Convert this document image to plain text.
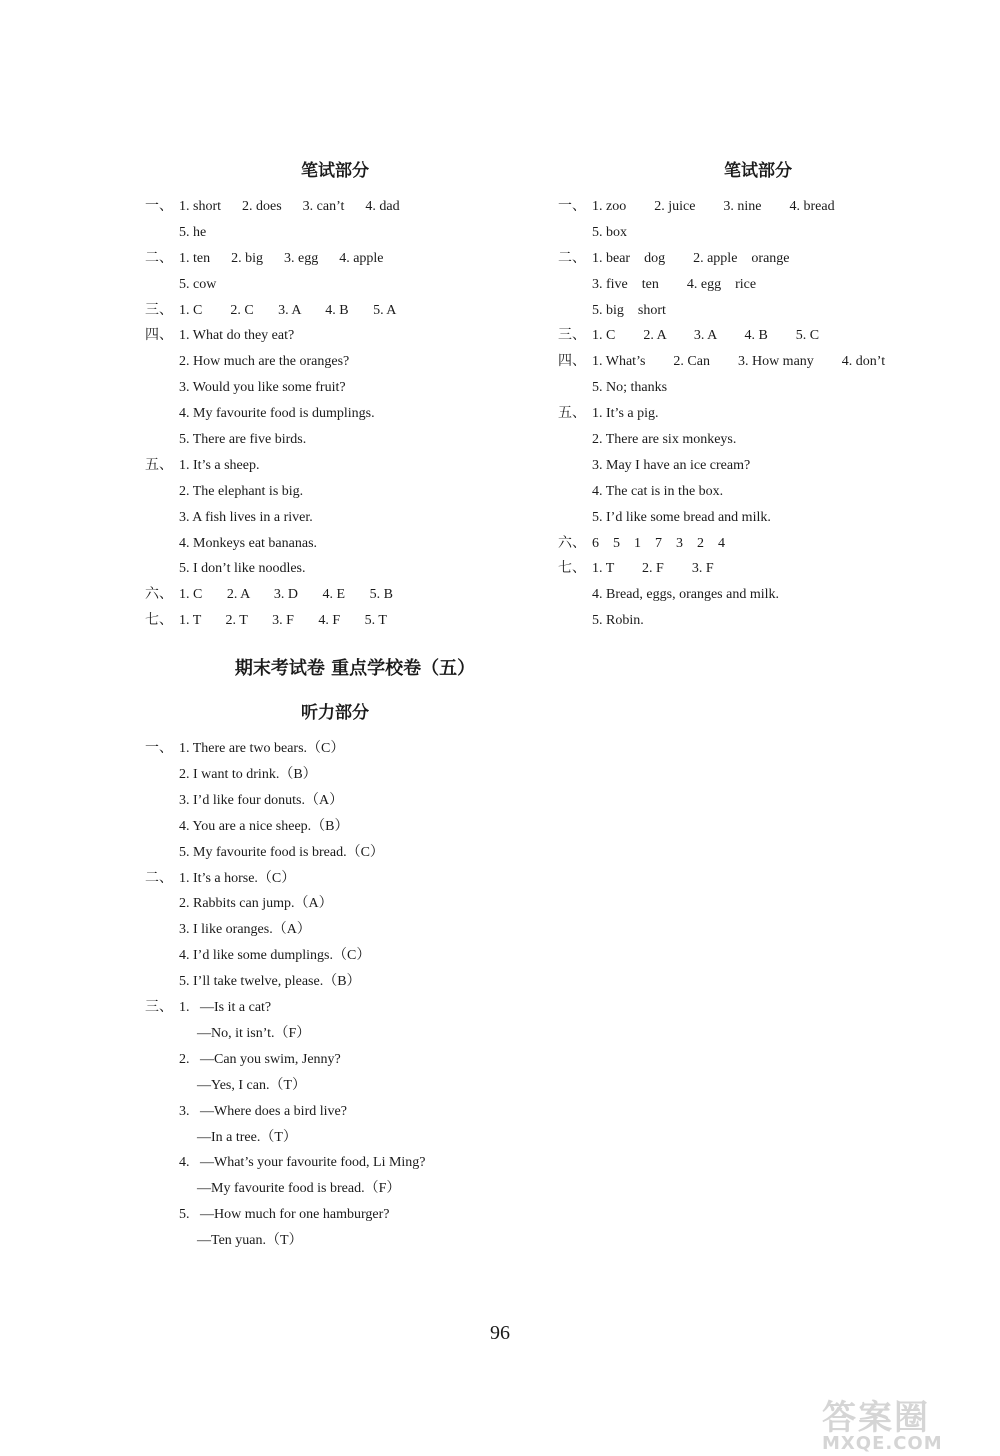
笔试部分
一、 1. short      2. does      3. can’t      4. dad
5. he
二、 1. ten      2. big      3. egg      4. apple
5. cow
三、 1. C        2. C       3. A       4. B       5. A
四、 1. What do they eat?
2. How much are the oranges?
3. Would you like some fruit?
4. My favourite food is dumplings.
5. There are five birds.
五、 1. It’s a sheep.
2. The elephant is big.
3. A fish lives in a river.
4. Monkeys eat bananas.
5. I don’t like noodles.
六、 1. C       2. A       3. D       4. E       5. B
七、 1. T       2. T       3. F       4. F       5. T
期末考试卷 重点学校卷（五）
听力部分
一、 1. There are two bears.（C）
2. I want to drink.（B）
3. I’d like four donuts.（A）
4. You are a nice sheep.（B）
5. My favourite food is bread.（C）
二、 1. It’s a horse.（C）
2. Rabbits can jump.（A）
3. I like oranges.（A）
4. I’d like some dumplings.（C）
5. I’ll take twelve, please.（B）
三、 1.   —Is it a cat?
—No, it isn’t.（F）
2.   —Can you swim, Jenny?
—Yes, I can.（T）
3.   —Where does a bird live?
—In a tree.（T）
4.   —What’s your favourite food, Li Ming?
—My favourite food is bread.（F）
5.   —How much for one hamburger?
—Ten yuan.（T）
笔试部分
一、 1. zoo        2. juice        3. nine        4. bread
5. box
二、 1. bear    dog        2. apple    orange
3. five    ten        4. egg    rice
5. big    short
三、 1. C        2. A        3. A        4. B        5. C
四、 1. What’s        2. Can        3. How many        4. don’t
5. No; thanks
五、 1. It’s a pig.
2. There are six monkeys.
3. May I have an ice cream?
4. The cat is in the box.
5. I’d like some bread and milk.
六、 6    5    1    7    3    2    4
七、 1. T        2. F        3. F
4. Bread, eggs, oranges and milk.
5. Robin.
96
答案圈
MXQE.COM
